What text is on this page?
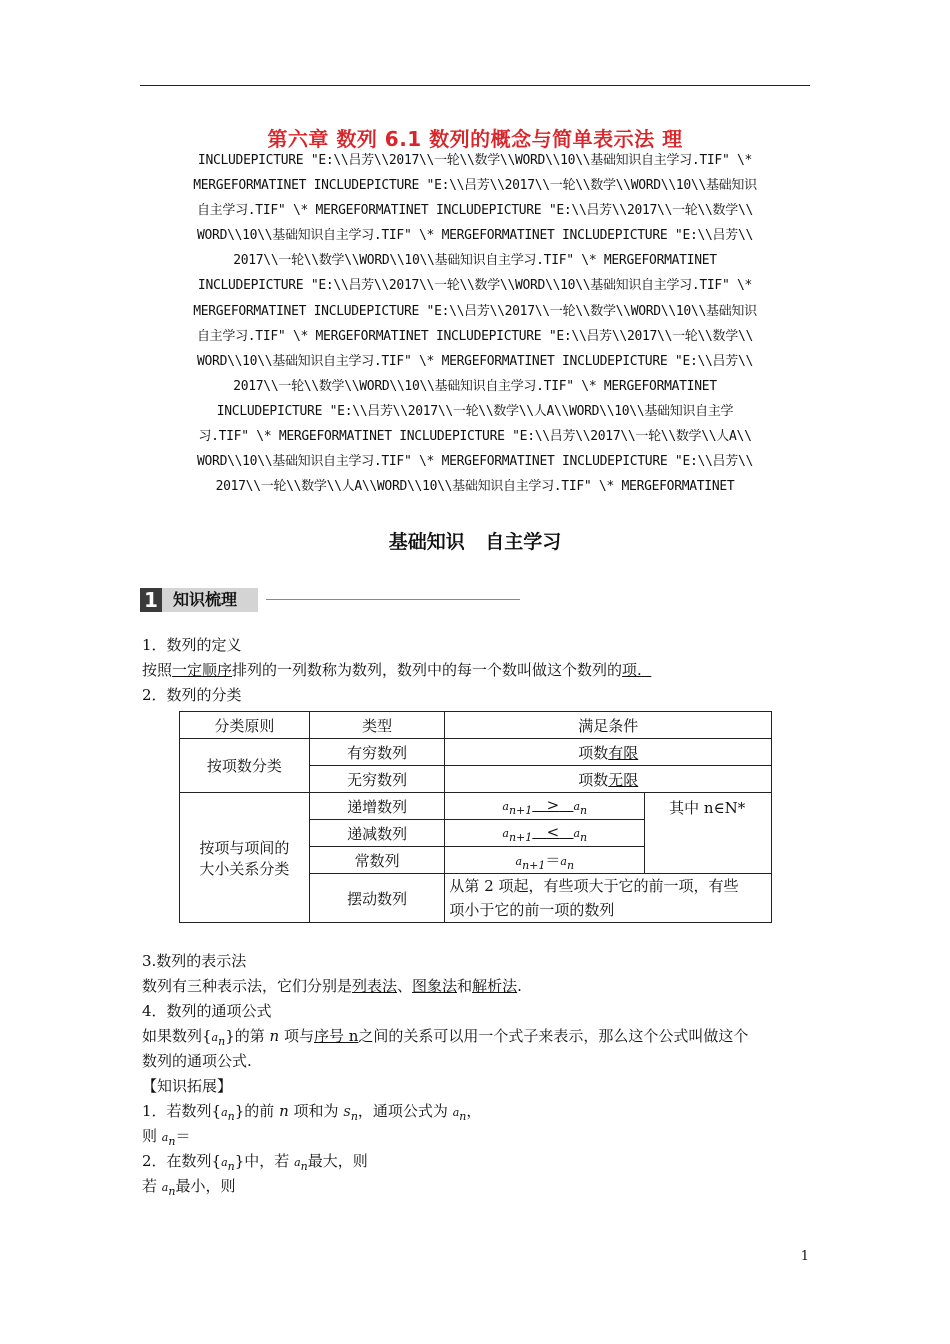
第六章 数列 6.1 数列的概念与简单表示法 理
INCLUDEPICTURE "E:\\吕芳\\2017\\一轮\\数学\\WORD\\10\\基础知识自主学习.TIF" \*
MERGEFORMATINET INCLUDEPICTURE "E:\\吕芳\\2017\\一轮\\数学\\WORD\\10\\基础知识
自主学习.TIF" \* MERGEFORMATINET INCLUDEPICTURE "E:\\吕芳\\2017\\一轮\\数学\\
WORD\\10\\基础知识自主学习.TIF" \* MERGEFORMATINET INCLUDEPICTURE "E:\\吕芳\\
2017\\一轮\\数学\\WORD\\10\\基础知识自主学习.TIF" \* MERGEFORMATINET
INCLUDEPICTURE "E:\\吕芳\\2017\\一轮\\数学\\WORD\\10\\基础知识自主学习.TIF" \*
MERGEFORMATINET INCLUDEPICTURE "E:\\吕芳\\2017\\一轮\\数学\\WORD\\10\\基础知识
自主学习.TIF" \* MERGEFORMATINET INCLUDEPICTURE "E:\\吕芳\\2017\\一轮\\数学\\
WORD\\10\\基础知识自主学习.TIF" \* MERGEFORMATINET INCLUDEPICTURE "E:\\吕芳\\
2017\\一轮\\数学\\WORD\\10\\基础知识自主学习.TIF" \* MERGEFORMATINET
INCLUDEPICTURE "E:\\吕芳\\2017\\一轮\\数学\\人A\\WORD\\10\\基础知识自主学
习.TIF" \* MERGEFORMATINET INCLUDEPICTURE "E:\\吕芳\\2017\\一轮\\数学\\人A\\
WORD\\10\\基础知识自主学习.TIF" \* MERGEFORMATINET INCLUDEPICTURE "E:\\吕芳\\
2017\\一轮\\数学\\人A\\WORD\\10\\基础知识自主学习.TIF" \* MERGEFORMATINET
基础知识 自主学习
1 知识梳理
1．数列的定义
按照一定顺序排列的一列数称为数列，数列中的每一个数叫做这个数列的项.
2．数列的分类
分类原则	类型	满足条件	
按项数分类	有穷数列	项数有限	
	无穷数列	项数无限	

按项与项间的
大小关系分类	递增数列	$a_{n+1} > a_n$	其中 n∈N*
	递减数列	$a_{n+1} < a_n$
	常数列	$a_{n+1}=a_n$
	摆动数列	从第 2 项起，有些项大于它的前一项，有些
项小于它的前一项的数列	
3.数列的表示法
数列有三种表示法，它们分别是列表法、图象法和解析法.
4．数列的通项公式
如果数列$\{a_n\}$的第 n 项与序号 n之间的关系可以用一个式子来表示，那么这个公式叫做这个
数列的通项公式.
【知识拓展】
1．若数列$\{a_n\}$的前 n 项和为 $S_n$，通项公式为 $a_n$，
则 $a_n=$
2．在数列$\{a_n\}$中，若 $a_n$最大，则
若 $a_n$最小，则
1
